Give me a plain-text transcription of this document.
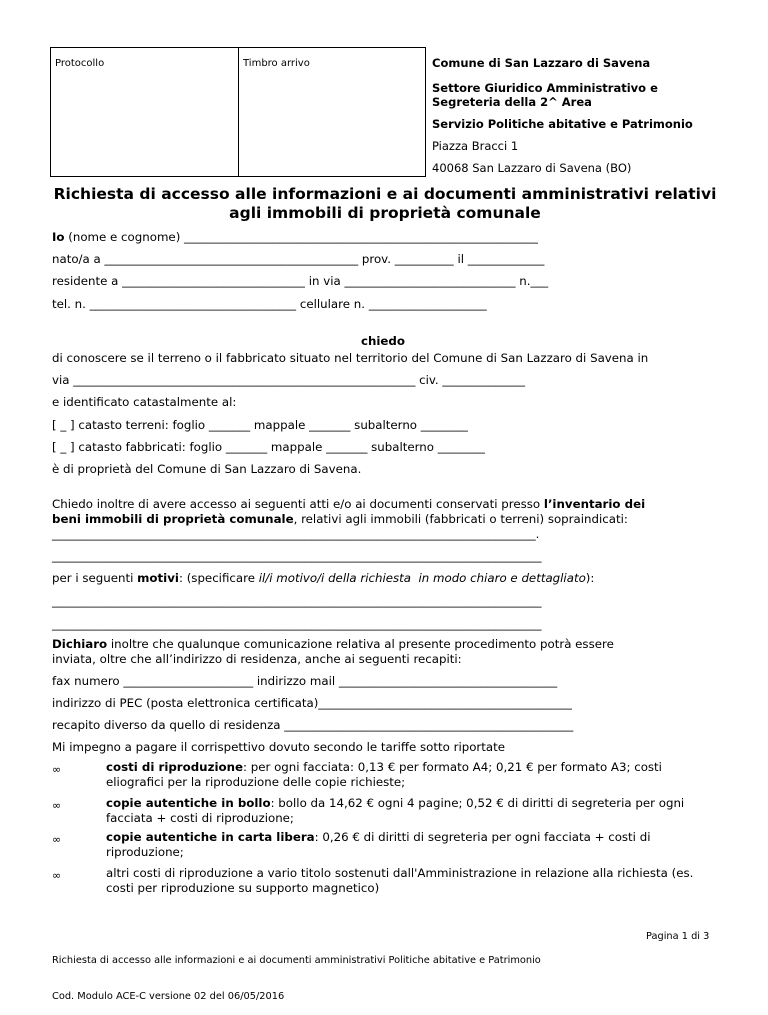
Protocollo	Timbro arrivo	Comune di San Lazzaro di Savena
Settore Giuridico Amministrativo e
Segreteria della 2^ Area
Servizio Politiche abitative e Patrimonio
Piazza Bracci 1
40068 San Lazzaro di Savena (BO)
Richiesta di accesso alle informazioni e ai documenti amministrativi relativi
agli immobili di proprietà comunale
Io (nome e cognome) ____________________________________________________________
nato/a a ___________________________________________ prov. __________ il _____________
residente a _______________________________ in via _____________________________ n.___
tel. n. ___________________________________ cellulare n. ____________________
chiedo
di conoscere se il terreno o il fabbricato situato nel territorio del Comune di San Lazzaro di Savena in
via __________________________________________________________ civ. ______________
e identificato catastalmente al:
[ _ ] catasto terreni: foglio _______ mappale _______ subalterno ________
[ _ ] catasto fabbricati: foglio _______ mappale _______ subalterno ________
è di proprietà del Comune di San Lazzaro di Savena.
Chiedo inoltre di avere accesso ai seguenti atti e/o ai documenti conservati presso l’inventario dei
beni immobili di proprietà comunale, relativi agli immobili (fabbricati o terreni) sopraindicati:
__________________________________________________________________________________.
___________________________________________________________________________________
per i seguenti motivi: (specificare il/i motivo/i della richiesta  in modo chiaro e dettagliato):
___________________________________________________________________________________
___________________________________________________________________________________
Dichiaro inoltre che qualunque comunicazione relativa al presente procedimento potrà essere
inviata, oltre che all’indirizzo di residenza, anche ai seguenti recapiti:
fax numero ______________________ indirizzo mail _____________________________________
indirizzo di PEC (posta elettronica certificata)___________________________________________
recapito diverso da quello di residenza _________________________________________________
Mi impegno a pagare il corrispettivo dovuto secondo le tariffe sotto riportate
∞	costi di riproduzione: per ogni facciata: 0,13 € per formato A4; 0,21 € per formato A3; costi eliografici per la riproduzione delle copie richieste;
∞	copie autentiche in bollo: bollo da 14,62 € ogni 4 pagine; 0,52 € di diritti di segreteria per ogni facciata + costi di riproduzione;
∞	copie autentiche in carta libera: 0,26 € di diritti di segreteria per ogni facciata + costi di riproduzione;
∞	altri costi di riproduzione a vario titolo sostenuti dall'Amministrazione in relazione alla richiesta (es. costi per riproduzione su supporto magnetico)

Richiesta di accesso alle informazioni e ai documenti amministrativi Politiche abitative e Patrimonio

Cod. Modulo ACE-C versione 02 del 06/05/2016

Pagina 1 di 3
